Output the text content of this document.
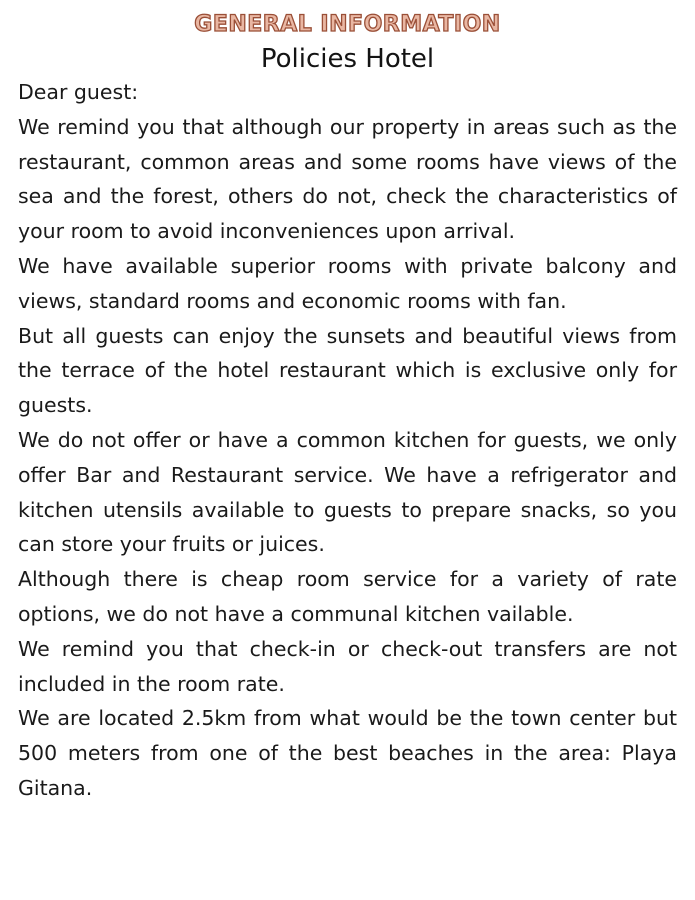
GENERAL INFORMATION
Policies Hotel

Dear guest:

We remind you that although our property in areas such as the restaurant, common areas and some rooms have views of the sea and the forest, others do not, check the characteristics of your room to avoid inconveniences upon arrival.

We have available superior rooms with private balcony and views, standard rooms and economic rooms with fan.

But all guests can enjoy the sunsets and beautiful views from the terrace of the hotel restaurant which is exclusive only for guests.

We do not offer or have a common kitchen for guests, we only offer Bar and Restaurant service. We have a refrigerator and kitchen utensils available to guests to prepare snacks, so you can store your fruits or juices.

Although there is cheap room service for a variety of rate options, we do not have a communal kitchen vailable.

We remind you that check-in or check-out transfers are not included in the room rate.

We are located 2.5km from what would be the town center but 500 meters from one of the best beaches in the area: Playa Gitana.
